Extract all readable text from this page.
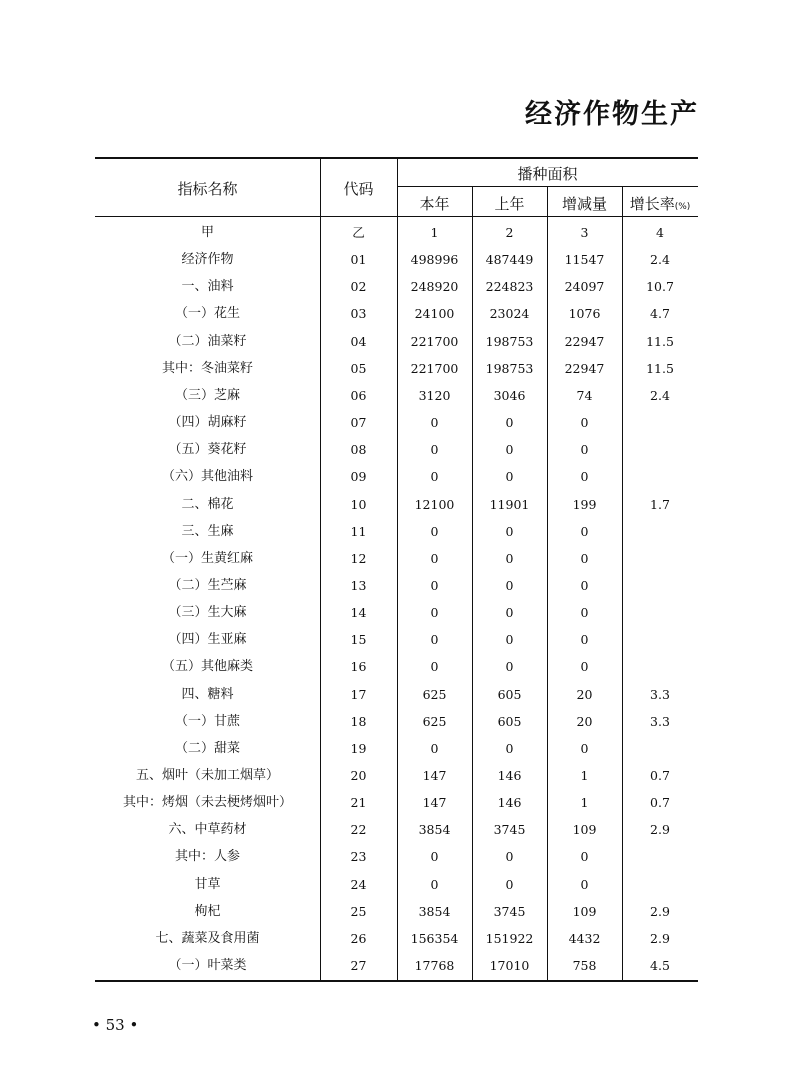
经济作物生产
指标名称	代码
播种面积
本年	上年	增减量	增长率(%)
甲	乙	1	2	3	4
经济作物	01	498996	487449	11547	2.4
一、油料	02	248920	224823	24097	10.7
（一）花生	03	24100	23024	1076	4.7
（二）油菜籽	04	221700	198753	22947	11.5
其中：冬油菜籽	05	221700	198753	22947	11.5
（三）芝麻	06	3120	3046	74	2.4
（四）胡麻籽	07	0	0	0
（五）葵花籽	08	0	0	0
（六）其他油料	09	0	0	0
二、棉花	10	12100	11901	199	1.7
三、生麻	11	0	0	0
（一）生黄红麻	12	0	0	0
（二）生苎麻	13	0	0	0
（三）生大麻	14	0	0	0
（四）生亚麻	15	0	0	0
（五）其他麻类	16	0	0	0
四、糖料	17	625	605	20	3.3
（一）甘蔗	18	625	605	20	3.3
（二）甜菜	19	0	0	0
五、烟叶（未加工烟草）	20	147	146	1	0.7
其中：烤烟（未去梗烤烟叶）	21	147	146	1	0.7
六、中草药材	22	3854	3745	109	2.9
其中：人参	23	0	0	0
甘草	24	0	0	0
枸杞	25	3854	3745	109	2.9
七、蔬菜及食用菌	26	156354	151922	4432	2.9
（一）叶菜类	27	17768	17010	758	4.5
• 53 •
